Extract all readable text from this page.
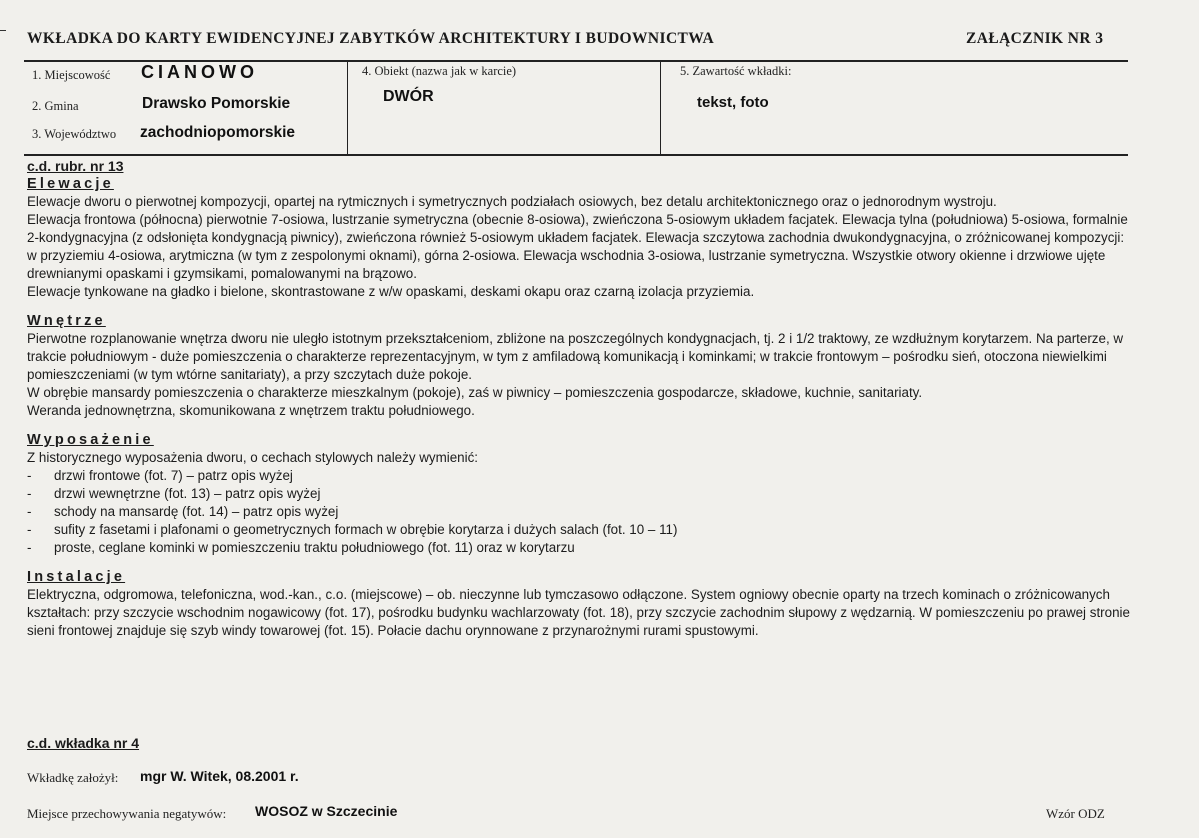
WKŁADKA DO KARTY EWIDENCYJNEJ ZABYTKÓW ARCHITEKTURY I BUDOWNICTWA	ZAŁĄCZNIK NR 3
1. Miejscowość CIANOWO
2. Gmina	Drawsko Pomorskie
3. Województwo zachodniopomorskie
4. Obiekt (nazwa jak w karcie)
DWÓR
5. Zawartość wkładki:
tekst, foto
c.d. rubr. nr 13
Elewacje

Elewacje dworu o pierwotnej kompozycji, opartej na rytmicznych i symetrycznych podziałach osiowych, bez detalu architektonicznego oraz o jednorodnym wystroju.

Elewacja frontowa (północna) pierwotnie 7-osiowa, lustrzanie symetryczna (obecnie 8-osiowa), zwieńczona 5-osiowym układem facjatek. Elewacja tylna (południowa) 5-osiowa, formalnie 2-kondygnacyjna (z odsłonięta kondygnacją piwnicy), zwieńczona również 5-osiowym układem facjatek. Elewacja szczytowa zachodnia dwukondygnacyjna, o zróżnicowanej kompozycji: w przyziemiu 4-osiowa, arytmiczna (w tym z zespolonymi oknami), górna 2-osiowa. Elewacja wschodnia 3-osiowa, lustrzanie symetryczna. Wszystkie otwory okienne i drzwiowe ujęte drewnianymi opaskami i gzymsikami, pomalowanymi na brązowo.

Elewacje tynkowane na gładko i bielone, skontrastowane z w/w opaskami, deskami okapu oraz czarną izolacja przyziemia.

Wnętrze

Pierwotne rozplanowanie wnętrza dworu nie uległo istotnym przekształceniom, zbliżone na poszczególnych kondygnacjach, tj. 2 i 1/2 traktowy, ze wzdłużnym korytarzem. Na parterze, w trakcie południowym - duże pomieszczenia o charakterze reprezentacyjnym, w tym z amfiladową komunikacją i kominkami; w trakcie frontowym – pośrodku sień, otoczona niewielkimi pomieszczeniami (w tym wtórne sanitariaty), a przy szczytach duże pokoje.

W obrębie mansardy pomieszczenia o charakterze mieszkalnym (pokoje), zaś w piwnicy – pomieszczenia gospodarcze, składowe, kuchnie, sanitariaty.

Weranda jednownętrzna, skomunikowana z wnętrzem traktu południowego.

Wyposażenie

Z historycznego wyposażenia dworu, o cechach stylowych należy wymienić:

- drzwi frontowe (fot. 7) – patrz opis wyżej
- drzwi wewnętrzne (fot. 13) – patrz opis wyżej
- schody na mansardę (fot. 14) – patrz opis wyżej
- sufity z fasetami i plafonami o geometrycznych formach w obrębie korytarza i dużych salach (fot. 10 – 11)
- proste, ceglane kominki w pomieszczeniu traktu południowego (fot. 11) oraz w korytarzu
Instalacje

Elektryczna, odgromowa, telefoniczna, wod.-kan., c.o. (miejscowe) – ob. nieczynne lub tymczasowo odłączone. System ogniowy obecnie oparty na trzech kominach o zróżnicowanych kształtach: przy szczycie wschodnim nogawicowy (fot. 17), pośrodku budynku wachlarzowaty (fot. 18), przy szczycie zachodnim słupowy z wędzarnią. W pomieszczeniu po prawej stronie sieni frontowej znajduje się szyb windy towarowej (fot. 15). Połacie dachu orynnowane z przynarożnymi rurami spustowymi.

c.d. wkładka nr 4
Wkładkę założył: mgr W. Witek, 08.2001 r.
Miejsce przechowywania negatywów: WOSOZ w Szczecinie	Wzór ODZ
